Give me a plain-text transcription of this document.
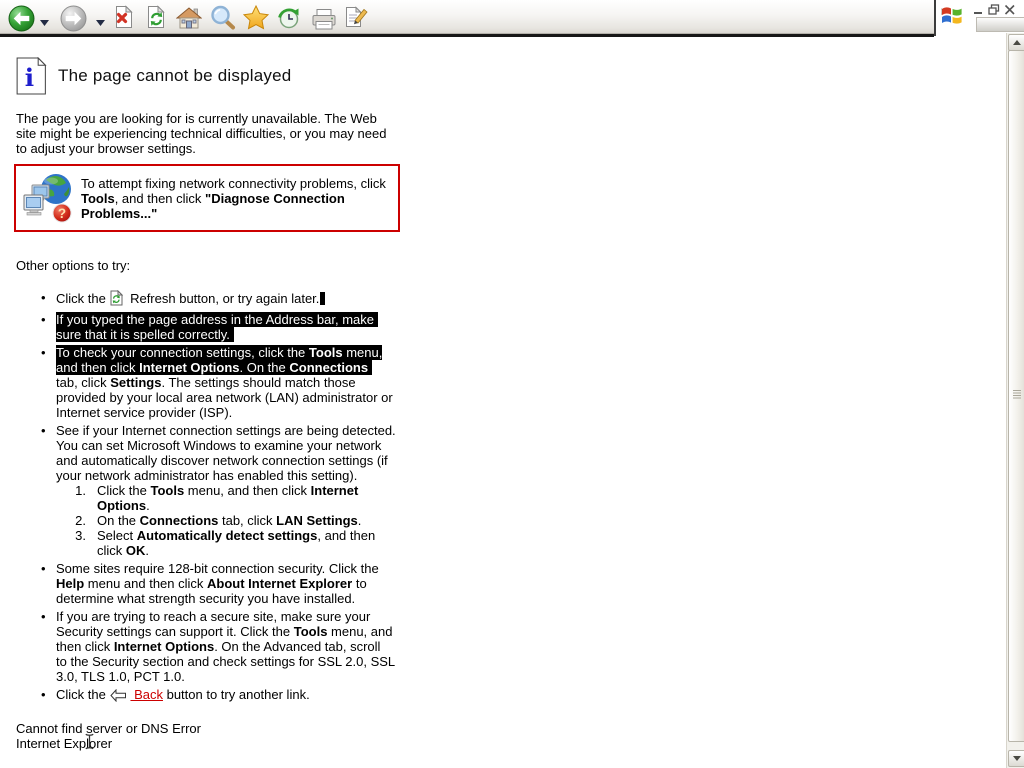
i The page cannot be displayed
The page you are looking for is currently unavailable. The Web
site might be experiencing technical difficulties, or you may need
to adjust your browser settings.
?
To attempt fixing network connectivity problems, click
Tools, and then click "Diagnose Connection
Problems..."
Other options to try:
• Click the  Refresh button, or try again later.
• If you typed the page address in the Address bar, make
sure that it is spelled correctly.
• To check your connection settings, click the Tools menu,
and then click Internet Options. On the Connections
tab, click Settings. The settings should match those
provided by your local area network (LAN) administrator or
Internet service provider (ISP).
• See if your Internet connection settings are being detected.
You can set Microsoft Windows to examine your network
and automatically discover network connection settings (if
your network administrator has enabled this setting).
1. Click the Tools menu, and then click Internet
Options.
2. On the Connections tab, click LAN Settings.
3. Select Automatically detect settings, and then
click OK.
• Some sites require 128-bit connection security. Click the
Help menu and then click About Internet Explorer to
determine what strength security you have installed.
• If you are trying to reach a secure site, make sure your
Security settings can support it. Click the Tools menu, and
then click Internet Options. On the Advanced tab, scroll
to the Security section and check settings for SSL 2.0, SSL
3.0, TLS 1.0, PCT 1.0.
• Click the  Back button to try another link.
Cannot find server or DNS Error
Internet Explorer
